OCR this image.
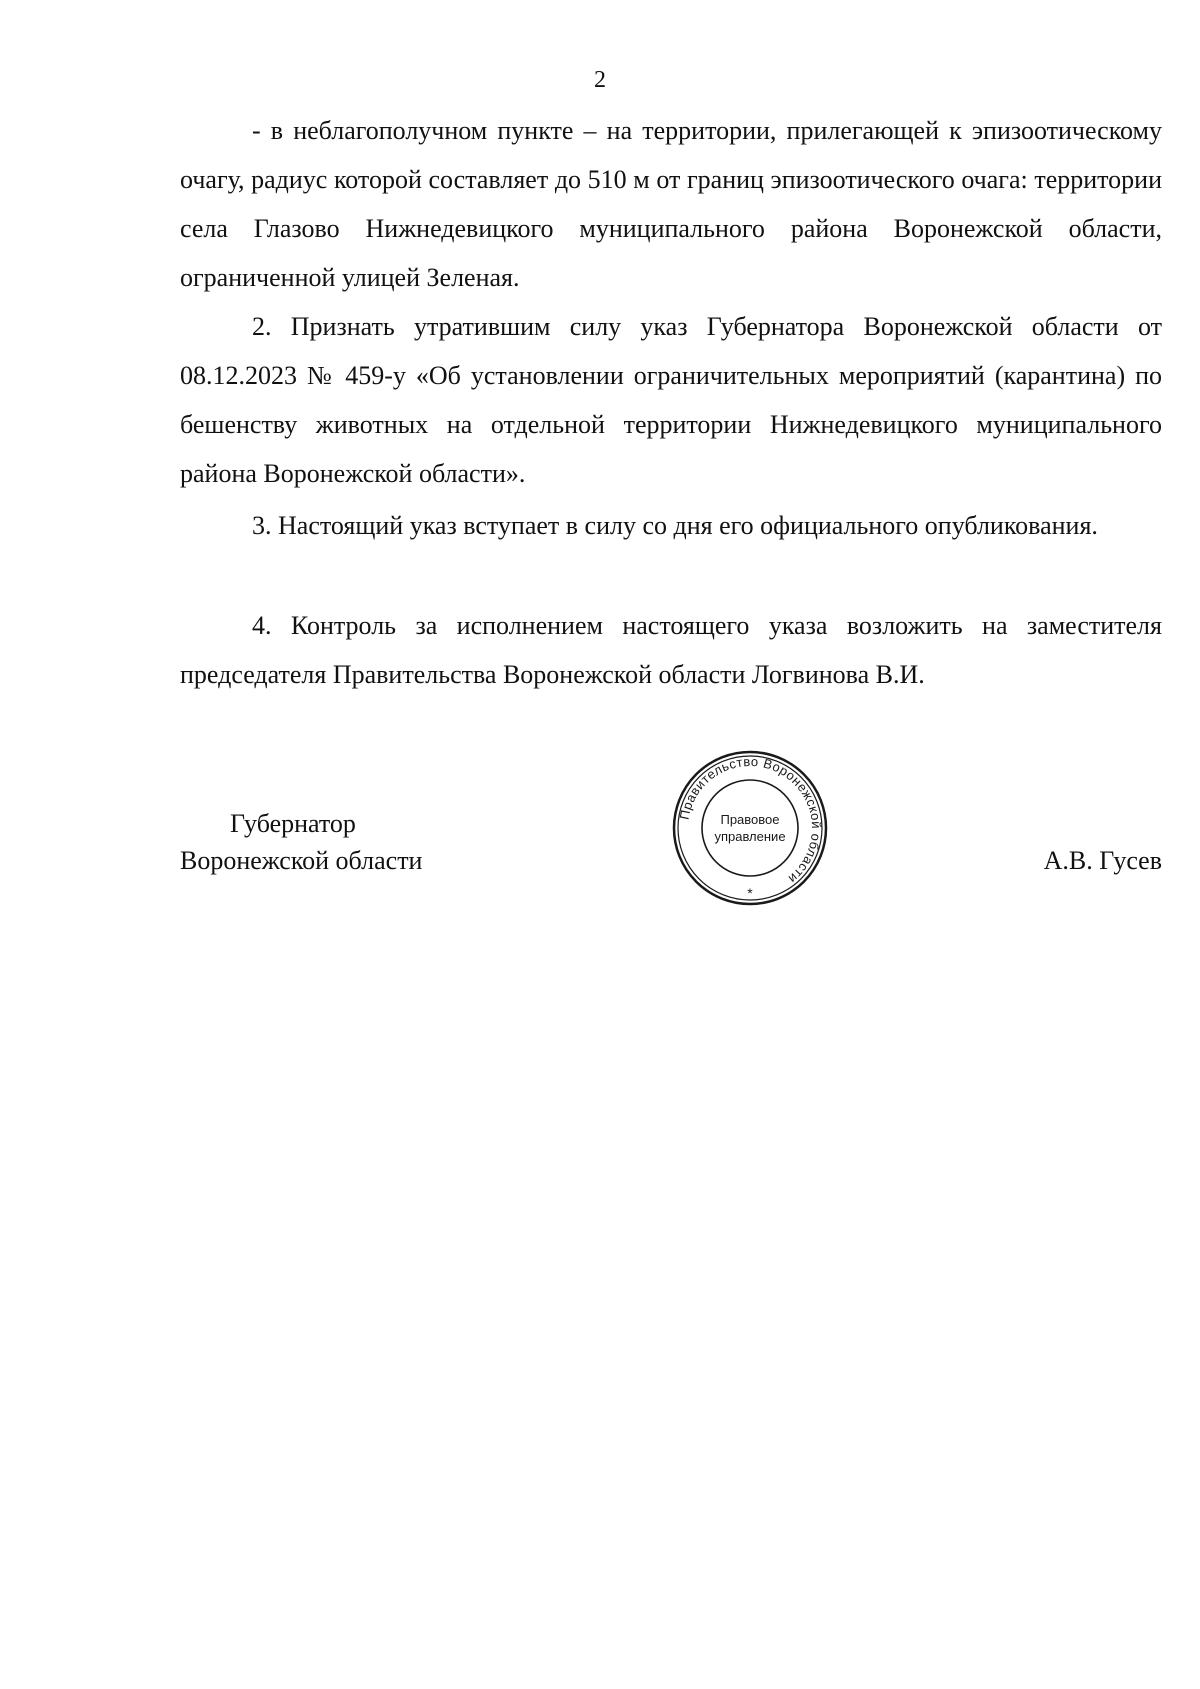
2
- в неблагополучном пункте – на территории, прилегающей к эпизоотическому очагу, радиус которой составляет до 510 м от границ эпизоотического очага: территории села Глазово Нижнедевицкого муниципального района Воронежской области, ограниченной улицей Зеленая.
2. Признать утратившим силу указ Губернатора Воронежской области от 08.12.2023 № 459-у «Об установлении ограничительных мероприятий (карантина) по бешенству животных на отдельной территории Нижнедевицкого муниципального района Воронежской области».
3. Настоящий указ вступает в силу со дня его официального опубликования.
4. Контроль за исполнением настоящего указа возложить на заместителя председателя Правительства Воронежской области Логвинова В.И.
Губернатор
Воронежской области	А.В. Гусев
Правительство Воронежской области
Правовое
управление
*
